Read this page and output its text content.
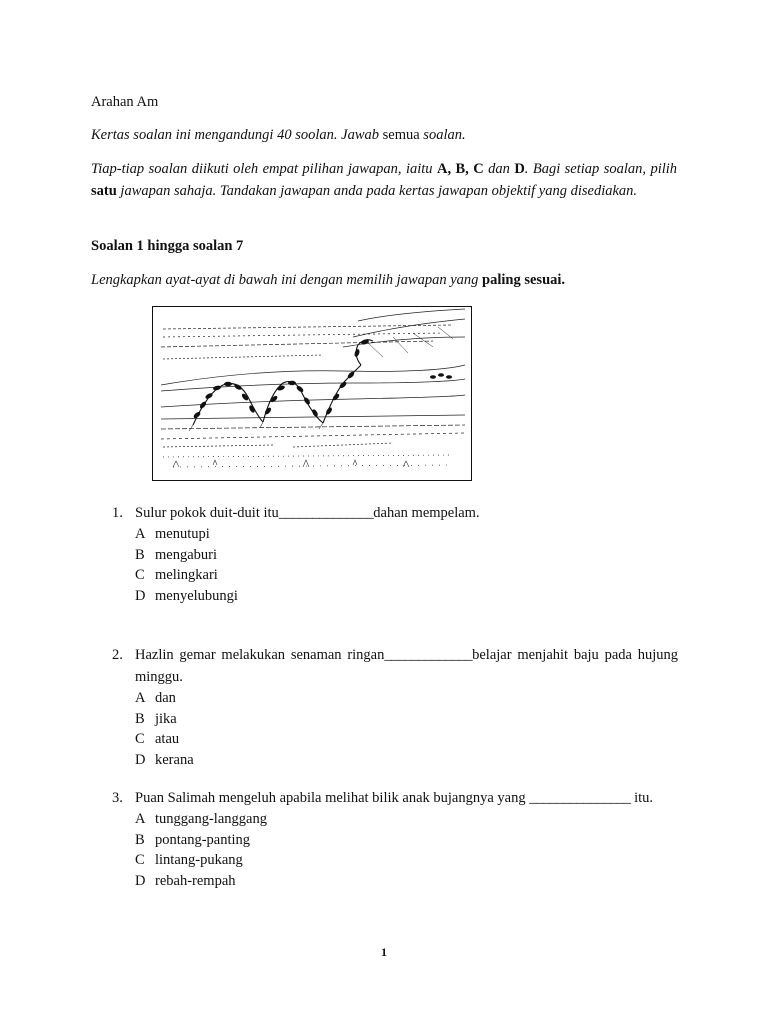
Arahan Am
Kertas soalan ini mengandungi 40 soolan. Jawab semua soalan.
Tiap-tiap soalan diikuti oleh empat pilihan jawapan, iaitu A, B, C dan D. Bagi setiap soalan, pilih satu jawapan sahaja. Tandakan jawapan anda pada kertas jawapan objektif yang disediakan.
Soalan 1 hingga soalan 7
Lengkapkan ayat-ayat di bawah ini dengan memilih jawapan yang paling sesuai.
1. Sulur pokok duit-duit itu______________dahan mempelam.
A menutupi
B mengaburi
C melingkari
D menyelubungi
2. Hazlin gemar melakukan senaman ringan_____________belajar menjahit baju pada hujung minggu.
A dan
B jika
C atau
D kerana
3. Puan Salimah mengeluh apabila melihat bilik anak bujangnya yang _______________ itu.
A tunggang-langgang
B pontang-panting
C lintang-pukang
D rebah-rempah
1
